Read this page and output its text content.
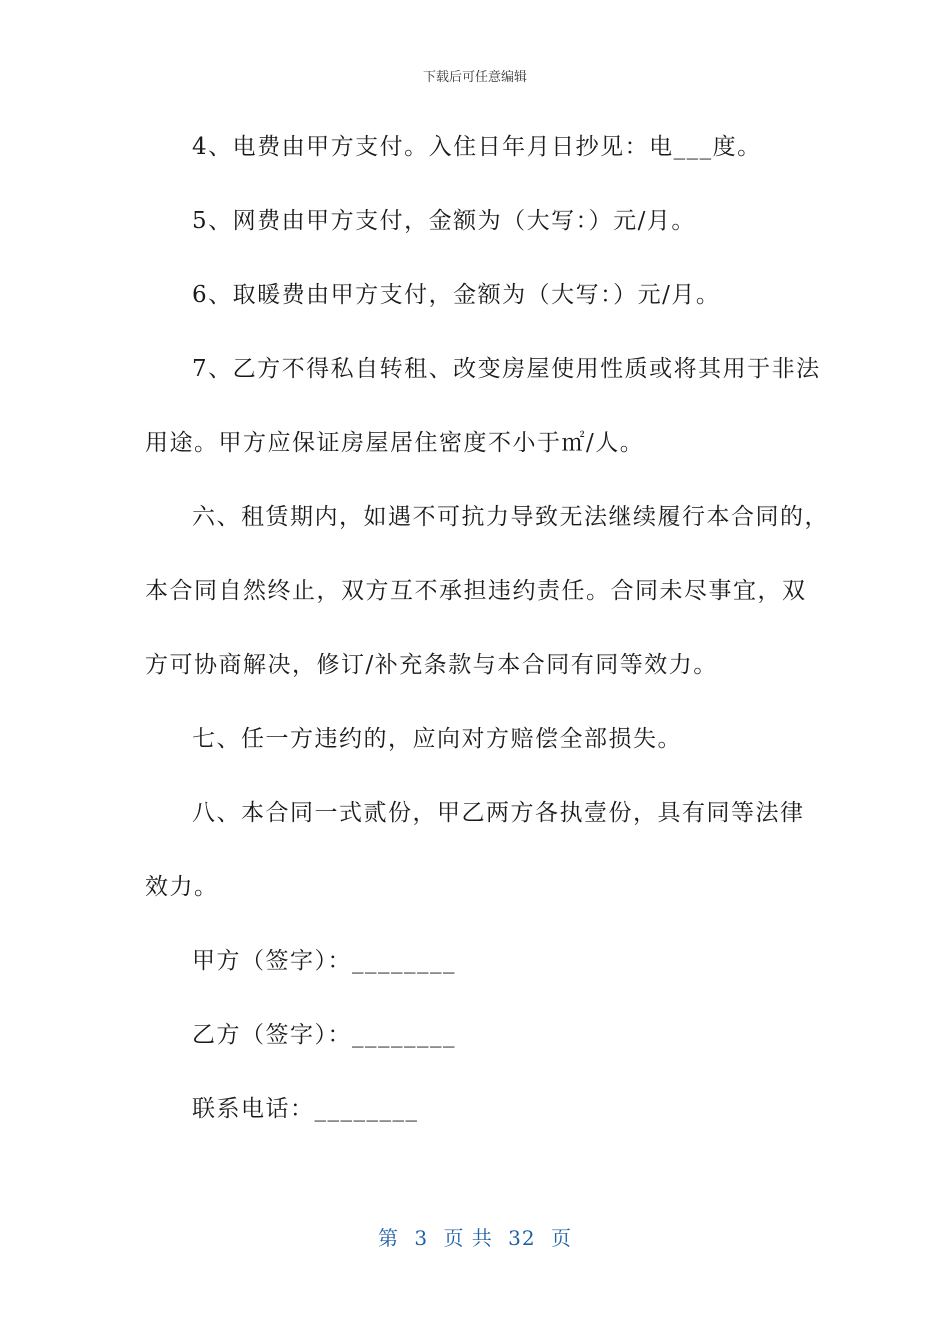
下载后可任意编辑
4、电费由甲方支付。入住日年月日抄见：电___度。
5、网费由甲方支付，金额为（大写：）元/月。
6、取暖费由甲方支付，金额为（大写：）元/月。
7、乙方不得私自转租、改变房屋使用性质或将其用于非法
用途。甲方应保证房屋居住密度不小于㎡/人。
六、租赁期内，如遇不可抗力导致无法继续履行本合同的，
本合同自然终止，双方互不承担违约责任。合同未尽事宜，双
方可协商解决，修订/补充条款与本合同有同等效力。
七、任一方违约的，应向对方赔偿全部损失。
八、本合同一式贰份，甲乙两方各执壹份，具有同等法律
效力。
甲方（签字）：________
乙方（签字）：________
联系电话：________
第 3 页 共 32 页
